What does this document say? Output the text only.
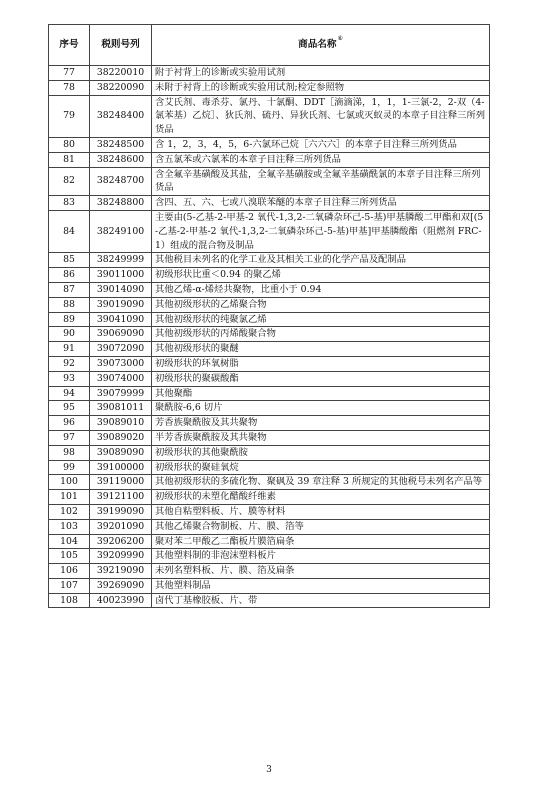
序号	税则号列	商品名称
⑧

77	38220010	附于衬背上的诊断或实验用试剂
78	38220090	未附于衬背上的诊断或实验用试剂;检定参照物
79	38248400	含艾氏剂、毒杀芬、氯丹、十氯酮、DDT［滴滴涕，1，1，1-三氯-2，2-双（4-氯苯基）乙烷］、狄氏剂、硫丹、异狄氏剂、七氯或灭蚁灵的本章子目注释三所列货品
80	38248500	含 1，2，3，4，5，6-六氯环己烷［六六六］的本章子目注释三所列货品
81	38248600	含五氯苯或六氯苯的本章子目注释三所列货品
82	38248700	含全氟辛基磺酸及其盐，全氟辛基磺胺或全氟辛基磺酰氯的本章子目注释三所列货品
83	38248800	含四、五、六、七或八溴联苯醚的本章子目注释三所列货品
84	38249100	主要由(5-乙基-2-甲基-2 氧代-1,3,2-二氧磷杂环己-5-基)甲基膦酸二甲酯和双[(5-乙基-2-甲基-2 氧代-1,3,2-二氧磷杂环己-5-基)甲基]甲基膦酸酯（阻燃剂 FRC-1）组成的混合物及制品
85	38249999	其他税目未列名的化学工业及其相关工业的化学产品及配制品
86	39011000	初级形状比重＜0.94 的聚乙烯
87	39014090	其他乙烯-α-烯烃共聚物，比重小于 0.94
88	39019090	其他初级形状的乙烯聚合物
89	39041090	其他初级形状的纯聚氯乙烯
90	39069090	其他初级形状的丙烯酸聚合物
91	39072090	其他初级形状的聚醚
92	39073000	初级形状的环氧树脂
93	39074000	初级形状的聚碳酸酯
94	39079999	其他聚酯
95	39081011	聚酰胺-6,6 切片
96	39089010	芳香族聚酰胺及其共聚物
97	39089020	半芳香族聚酰胺及其共聚物
98	39089090	初级形状的其他聚酰胺
99	39100000	初级形状的聚硅氧烷
100	39119000	其他初级形状的多硫化物、聚砜及 39 章注释 3 所规定的其他税号未列名产品等
101	39121100	初级形状的未塑化醋酸纤维素
102	39199090	其他自粘塑料板、片、膜等材料
103	39201090	其他乙烯聚合物制板、片、膜、箔等
104	39206200	聚对苯二甲酸乙二酯板片膜箔扁条
105	39209990	其他塑料制的非泡沫塑料板片
106	39219090	未列名塑料板、片、膜、箔及扁条
107	39269090	其他塑料制品
108	40023990	卤代丁基橡胶板、片、带
3
